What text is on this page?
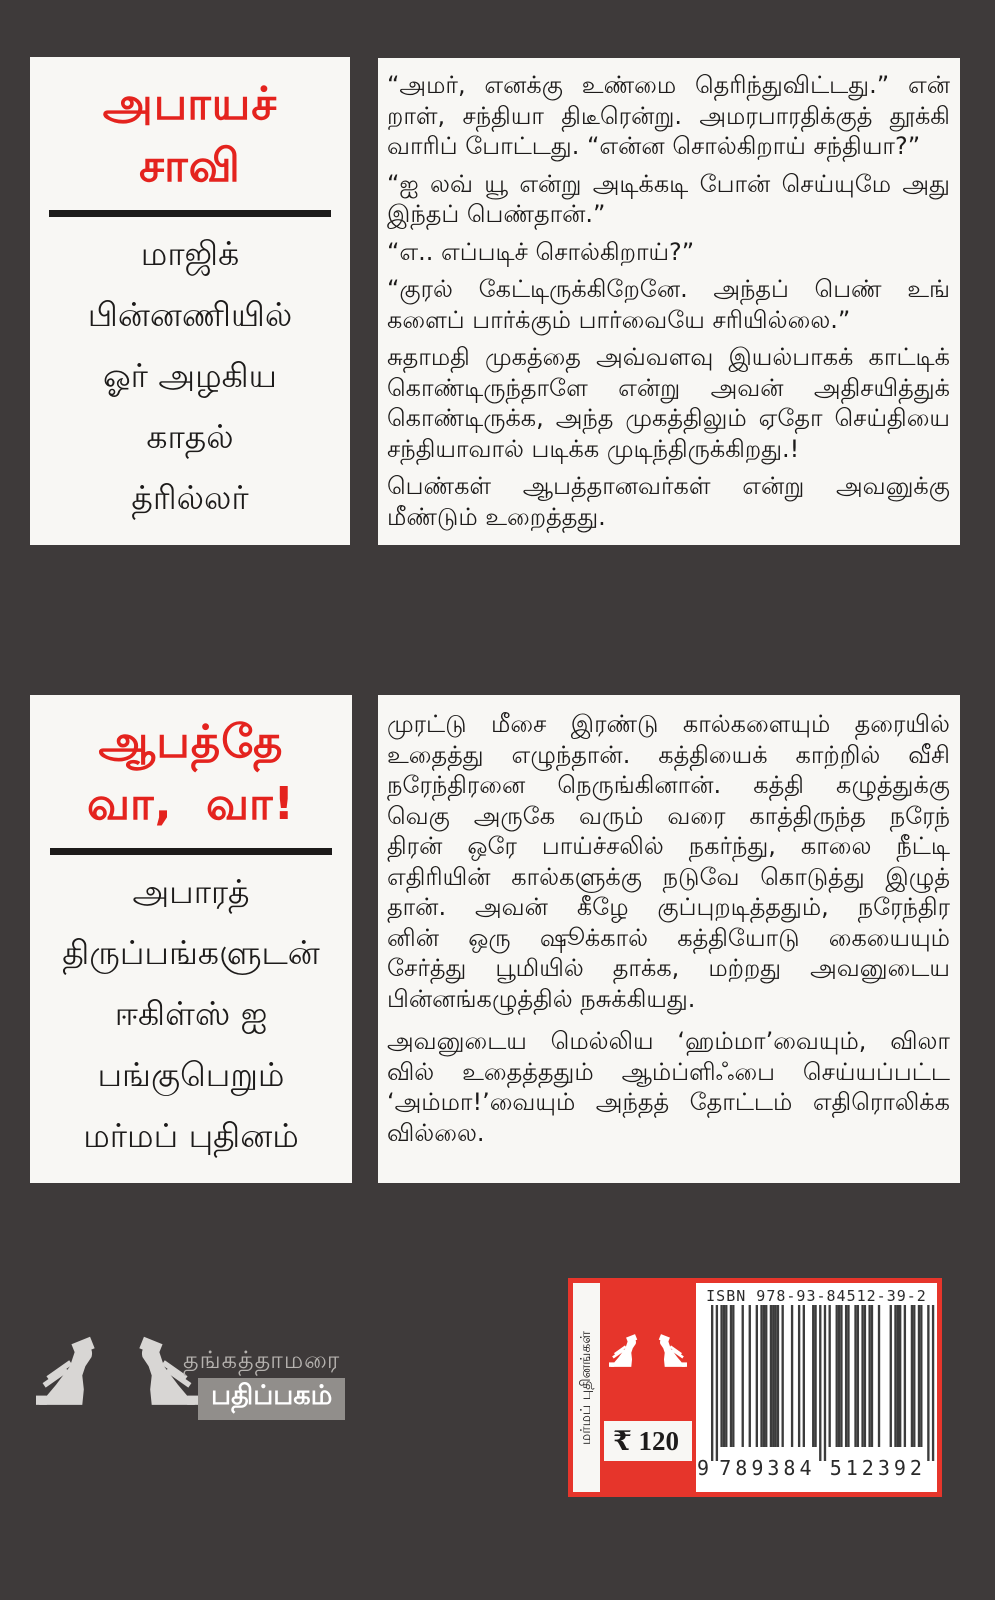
அபாயச்
சாவி
மாஜிக்
பின்னணியில்
ஓர் அழகிய
காதல்
த்ரில்லர்
“அமர், எனக்கு உண்மை தெரிந்துவிட்டது.” என்
றாள், சந்தியா திடீரென்று. அமரபாரதிக்குத் தூக்கி
வாரிப் போட்டது. “என்ன சொல்கிறாய் சந்தியா?”
“ஐ லவ் யூ என்று அடிக்கடி போன் செய்யுமே அது
இந்தப் பெண்தான்.”
“எ.. எப்படிச் சொல்கிறாய்?”
“குரல் கேட்டிருக்கிறேனே. அந்தப் பெண் உங்
களைப் பார்க்கும் பார்வையே சரியில்லை.”
சுதாமதி முகத்தை அவ்வளவு இயல்பாகக் காட்டிக்
கொண்டிருந்தாளே என்று அவன் அதிசயித்துக்
கொண்டிருக்க, அந்த முகத்திலும் ஏதோ செய்தியை
சந்தியாவால் படிக்க முடிந்திருக்கிறது.!
பெண்கள் ஆபத்தானவர்கள் என்று அவனுக்கு
மீண்டும் உறைத்தது.
ஆபத்தே
வா,  வா!
அபாரத்
திருப்பங்களுடன்
ஈகிள்ஸ் ஐ
பங்குபெறும்
மர்மப் புதினம்
முரட்டு மீசை இரண்டு கால்களையும் தரையில்
உதைத்து எழுந்தான். கத்தியைக் காற்றில் வீசி
நரேந்திரனை நெருங்கினான். கத்தி கழுத்துக்கு
வெகு அருகே வரும் வரை காத்திருந்த நரேந்
திரன் ஒரே பாய்ச்சலில் நகர்ந்து, காலை நீட்டி
எதிரியின் கால்களுக்கு நடுவே கொடுத்து இழுத்
தான். அவன் கீழே குப்புறடித்ததும், நரேந்திர
னின் ஒரு ஷூக்கால் கத்தியோடு கையையும்
சேர்த்து பூமியில் தாக்க, மற்றது அவனுடைய
பின்னங்கழுத்தில் நசுக்கியது.
அவனுடைய மெல்லிய ‘ஹம்மா’வையும், விலா
வில் உதைத்ததும் ஆம்ப்ளிஃபை செய்யப்பட்ட
‘அம்மா!’வையும் அந்தத் தோட்டம் எதிரொலிக்க
வில்லை.
தங்கத்தாமரை
பதிப்பகம்	மர்மப் புதினங்கள் ₹ 120
ISBN 978-93-84512-39-2
9 789384 512392
